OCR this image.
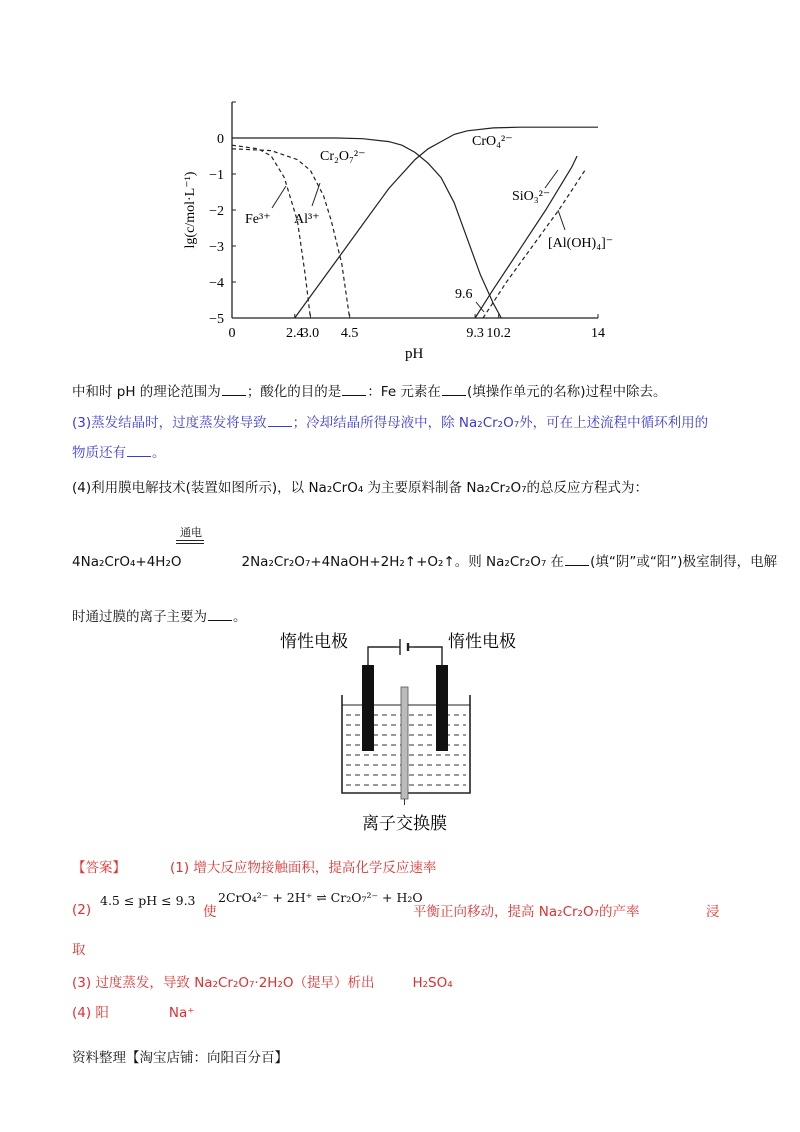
0	2.4
3.0 4.5	9.3 10.2	14
0
−1
−2
−3
−4
−5
pH
lg(c/mol·L⁻¹)
Cr₂O₇²⁻
CrO₄²⁻
Fe³⁺ Al³⁺
SiO₃²⁻
[Al(OH)₄]⁻
9.6
中和时 pH 的理论范围为 ；酸化的目的是 ：Fe 元素在 (填操作单元的名称)过程中除去。
(3)蒸发结晶时，过度蒸发将导致 ；冷却结晶所得母液中，除 Na₂Cr₂O₇外，可在上述流程中循环利用的
物质还有 。
(4)利用膜电解技术(装置如图所示)，以 Na₂CrO₄ 为主要原料制备 Na₂Cr₂O₇的总反应方程式为：
通电
4Na₂CrO₄+4H₂O	2Na₂Cr₂O₇+4NaOH+2H₂↑+O₂↑。则 Na₂Cr₂O₇ 在 (填“阴”或“阳”)极室制得，电解
时通过膜的离子主要为 。
惰性电极	惰性电极
离子交换膜
【答案】	(1) 增大反应物接触面积，提高化学反应速率
(2)
4.5 ≤ pH ≤ 9.3
使
2CrO₄²⁻ + 2H⁺ ⇌ Cr₂O₇²⁻ + H₂O
平衡正向移动，提高 Na₂Cr₂O₇的产率	浸
取
(3) 过度蒸发，导致 Na₂Cr₂O₇·2H₂O（提早）析出	H₂SO₄
(4) 阳	Na⁺
资料整理【淘宝店铺：向阳百分百】
